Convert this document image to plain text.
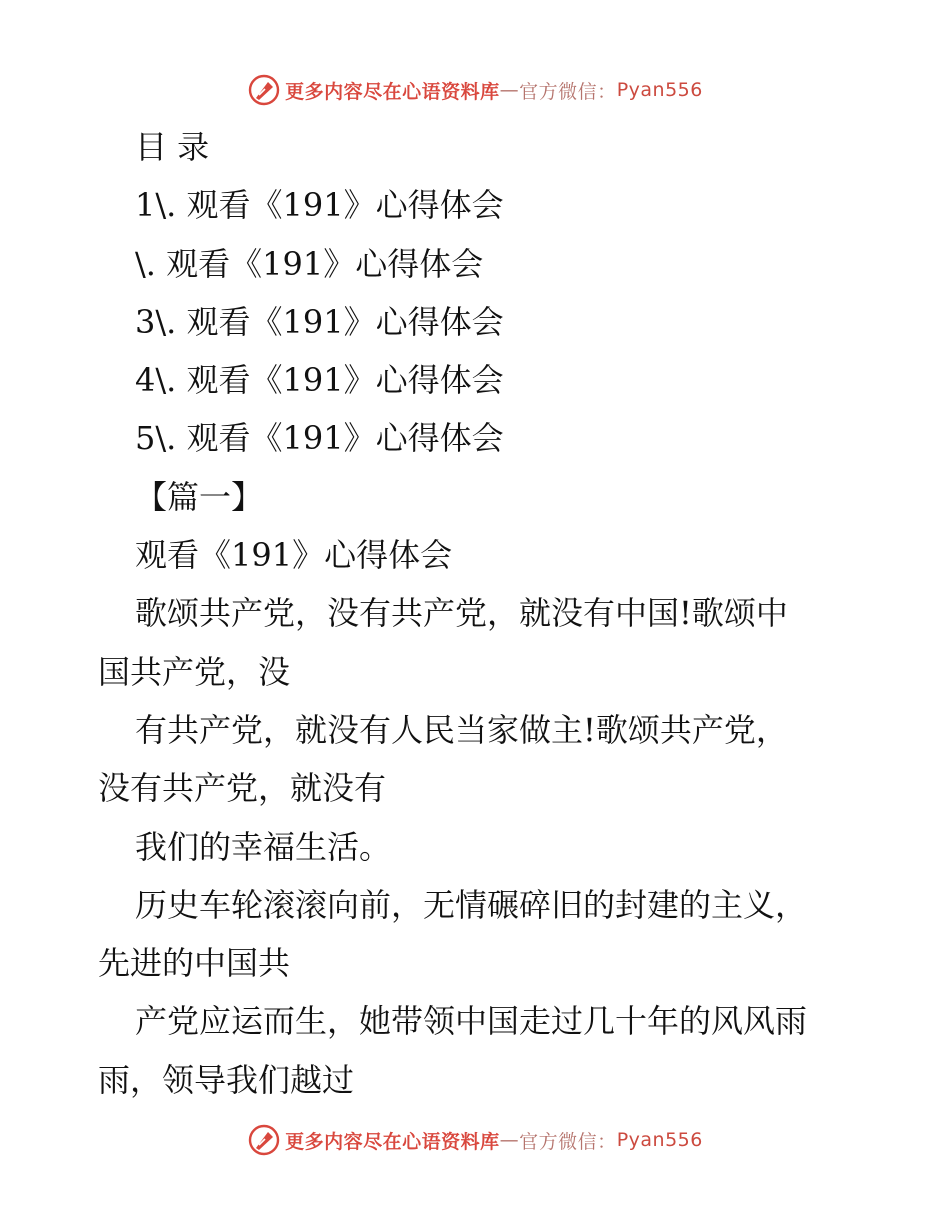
更多内容尽在心语资料库 — 官方微信： Pyan556
目 录
1\. 观看《191》心得体会
\. 观看《191》心得体会
3\. 观看《191》心得体会
4\. 观看《191》心得体会
5\. 观看《191》心得体会
【篇一】
观看《191》心得体会
歌颂共产党，没有共产党，就没有中国!歌颂中
国共产党，没
有共产党，就没有人民当家做主!歌颂共产党，
没有共产党，就没有
我们的幸福生活。
历史车轮滚滚向前，无情碾碎旧的封建的主义，
先进的中国共
产党应运而生，她带领中国走过几十年的风风雨
雨，领导我们越过
更多内容尽在心语资料库 — 官方微信： Pyan556
